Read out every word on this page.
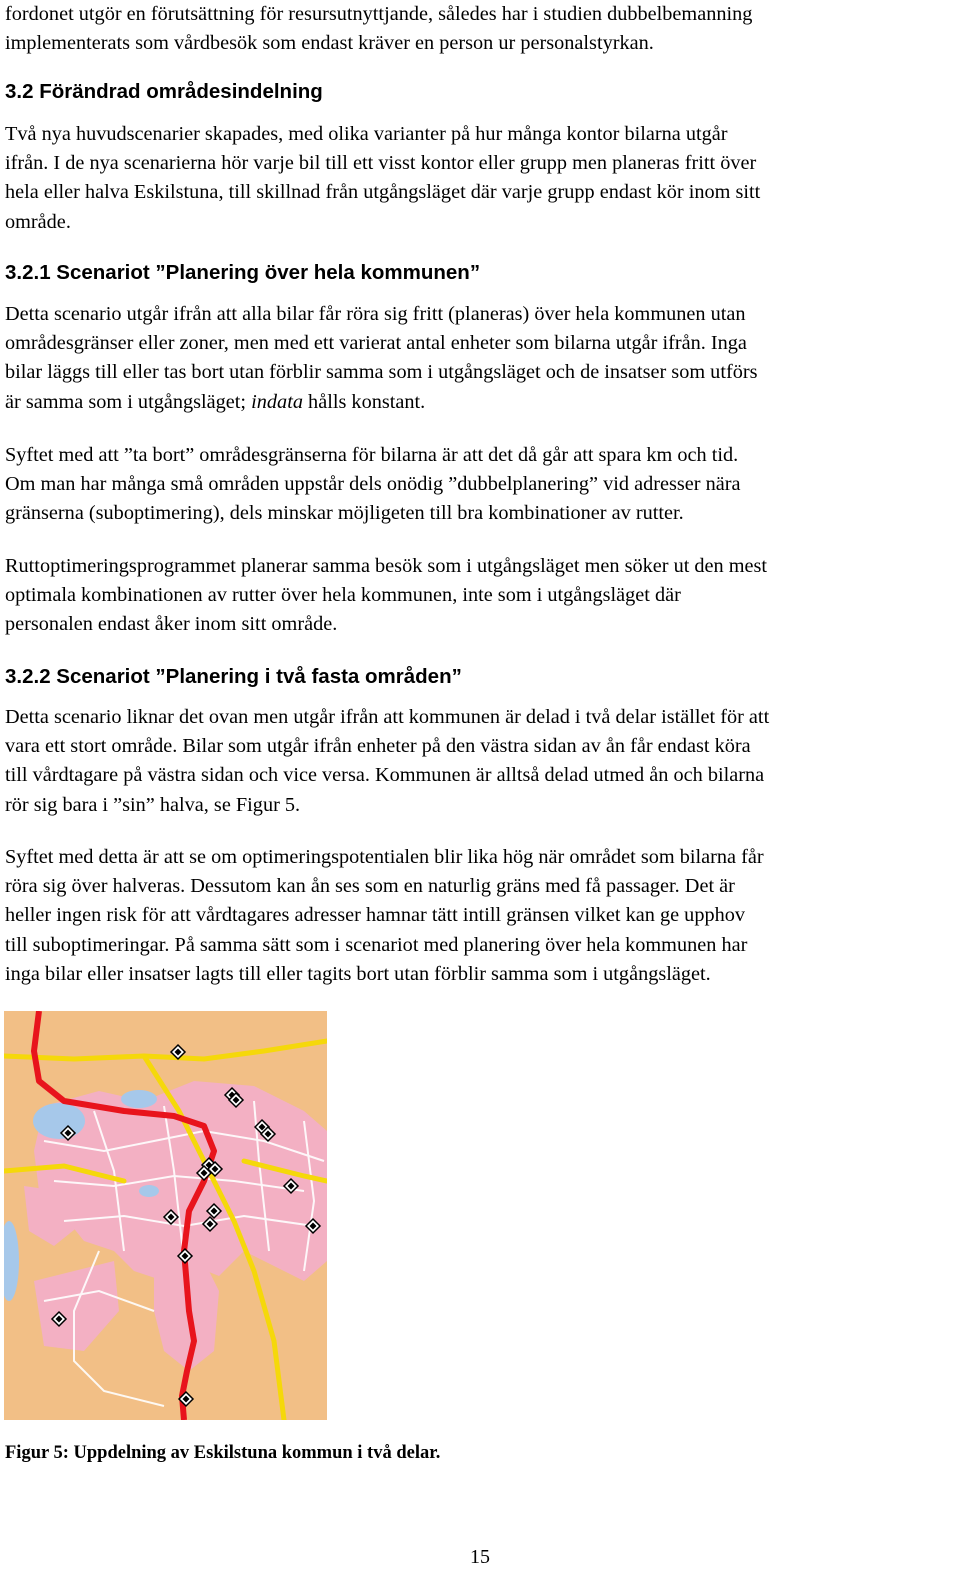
fordonet utgör en förutsättning för resursutnyttjande, således har i studien dubbelbemanning

implementerats som vårdbesök som endast kräver en person ur personalstyrkan.

3.2 Förändrad områdesindelning

Två nya huvudscenarier skapades, med olika varianter på hur många kontor bilarna utgår

ifrån. I de nya scenarierna hör varje bil till ett visst kontor eller grupp men planeras fritt över

hela eller halva Eskilstuna, till skillnad från utgångsläget där varje grupp endast kör inom sitt

område.

3.2.1 Scenariot ”Planering över hela kommunen”

Detta scenario utgår ifrån att alla bilar får röra sig fritt (planeras) över hela kommunen utan

områdesgränser eller zoner, men med ett varierat antal enheter som bilarna utgår ifrån. Inga

bilar läggs till eller tas bort utan förblir samma som i utgångsläget och de insatser som utförs

är samma som i utgångsläget; indata hålls konstant.

Syftet med att ”ta bort” områdesgränserna för bilarna är att det då går att spara km och tid.

Om man har många små områden uppstår dels onödig ”dubbelplanering” vid adresser nära

gränserna (suboptimering), dels minskar möjligeten till bra kombinationer av rutter.

Ruttoptimeringsprogrammet planerar samma besök som i utgångsläget men söker ut den mest

optimala kombinationen av rutter över hela kommunen, inte som i utgångsläget där

personalen endast åker inom sitt område.

3.2.2 Scenariot ”Planering i två fasta områden”

Detta scenario liknar det ovan men utgår ifrån att kommunen är delad i två delar istället för att

vara ett stort område. Bilar som utgår ifrån enheter på den västra sidan av ån får endast köra

till vårdtagare på västra sidan och vice versa. Kommunen är alltså delad utmed ån och bilarna

rör sig bara i ”sin” halva, se Figur 5.

Syftet med detta är att se om optimeringspotentialen blir lika hög när området som bilarna får

röra sig över halveras. Dessutom kan ån ses som en naturlig gräns med få passager. Det är

heller ingen risk för att vårdtagares adresser hamnar tätt intill gränsen vilket kan ge upphov

till suboptimeringar. På samma sätt som i scenariot med planering över hela kommunen har

inga bilar eller insatser lagts till eller tagits bort utan förblir samma som i utgångsläget.

Figur 5: Uppdelning av Eskilstuna kommun i två delar.

15
